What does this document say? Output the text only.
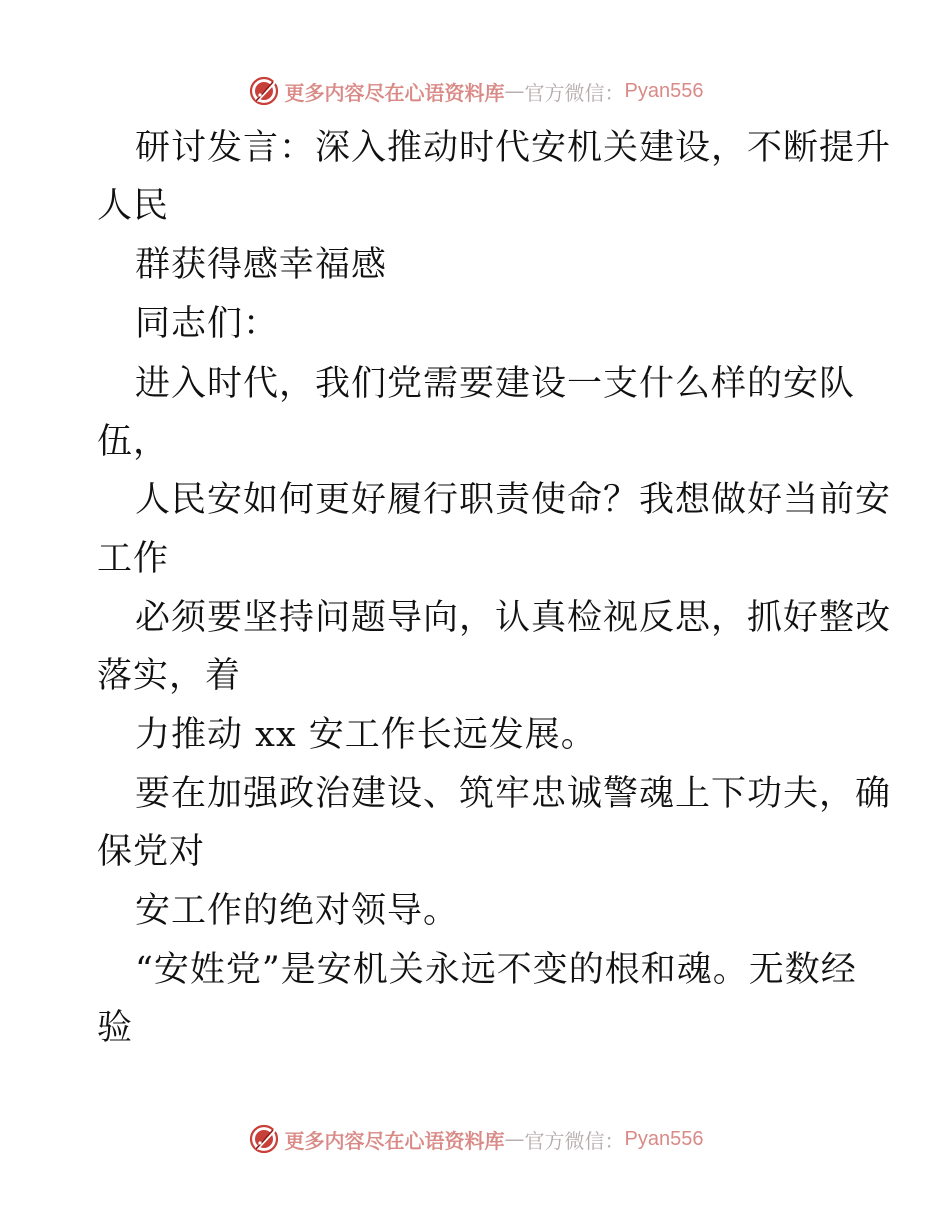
更多内容尽在心语资料库 — 官方微信： Pyan556
研讨发言：深入推动时代安机关建设，不断提升
人民
群获得感幸福感
同志们：
进入时代，我们党需要建设一支什么样的安队
伍，
人民安如何更好履行职责使命？我想做好当前安
工作
必须要坚持问题导向，认真检视反思，抓好整改
落实，着
力推动 xx 安工作长远发展。
要在加强政治建设、筑牢忠诚警魂上下功夫，确
保党对
安工作的绝对领导。
“安姓党”是安机关永远不变的根和魂。无数经
验
更多内容尽在心语资料库 — 官方微信： Pyan556
